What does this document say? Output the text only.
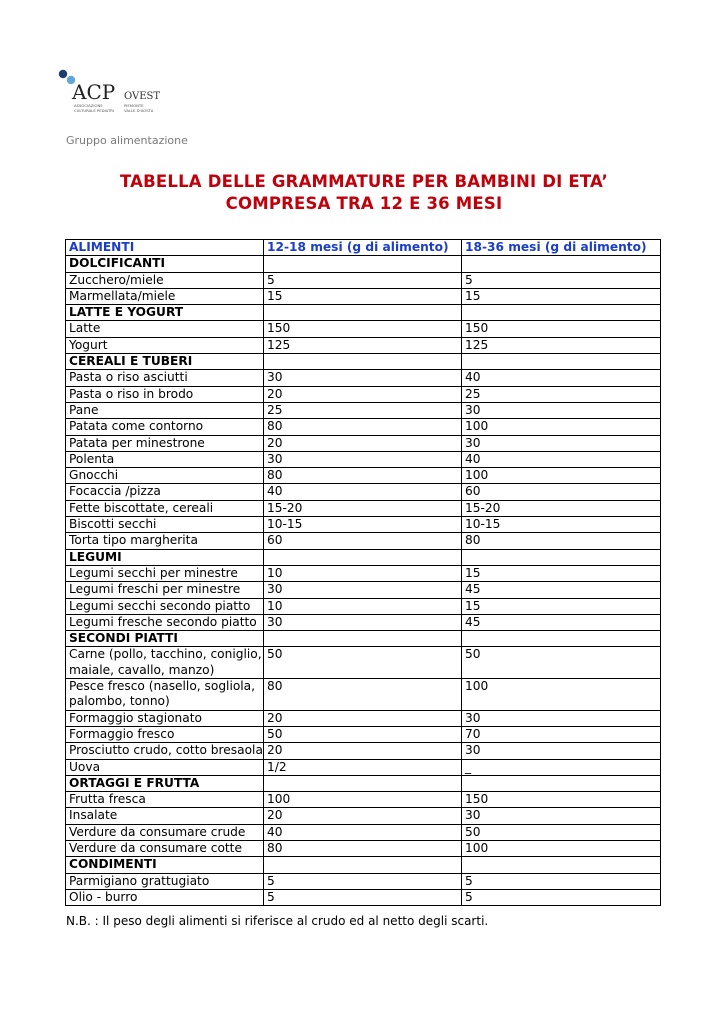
ACP OVEST
ASSOCIAZIONE
CULTURALE PEDIATRI
PIEMONTE
VALLE D'AOSTA
Gruppo alimentazione
TABELLA DELLE GRAMMATURE PER BAMBINI DI ETA’
COMPRESA TRA 12 E 36 MESI
ALIMENTI	12-18 mesi (g di alimento)	18-36 mesi (g di alimento)
DOLCIFICANTI		
Zucchero/miele	5	5
Marmellata/miele	15	15
LATTE E YOGURT		
Latte	150	150
Yogurt	125	125
CEREALI E TUBERI		
Pasta o riso asciutti	30	40
Pasta o riso in brodo	20	25
Pane	25	30
Patata come contorno	80	100
Patata per minestrone	20	30
Polenta	30	40
Gnocchi	80	100
Focaccia /pizza	40	60
Fette biscottate, cereali	15-20	15-20
Biscotti secchi	10-15	10-15
Torta tipo margherita	60	80
LEGUMI		
Legumi secchi per minestre	10	15
Legumi freschi per minestre	30	45
Legumi secchi secondo piatto	10	15
Legumi fresche secondo piatto	30	45
SECONDI PIATTI		
Carne (pollo, tacchino, coniglio, maiale, cavallo, manzo)	50	50
Pesce fresco (nasello, sogliola, palombo, tonno)	80	100
Formaggio stagionato	20	30
Formaggio fresco	50	70
Prosciutto crudo, cotto bresaola	20	30
Uova	1/2	_
ORTAGGI E FRUTTA		
Frutta fresca	100	150
Insalate	20	30
Verdure da consumare crude	40	50
Verdure da consumare cotte	80	100
CONDIMENTI		
Parmigiano grattugiato	5	5
Olio - burro	5	5
N.B. : Il peso degli alimenti si riferisce al crudo ed al netto degli scarti.
